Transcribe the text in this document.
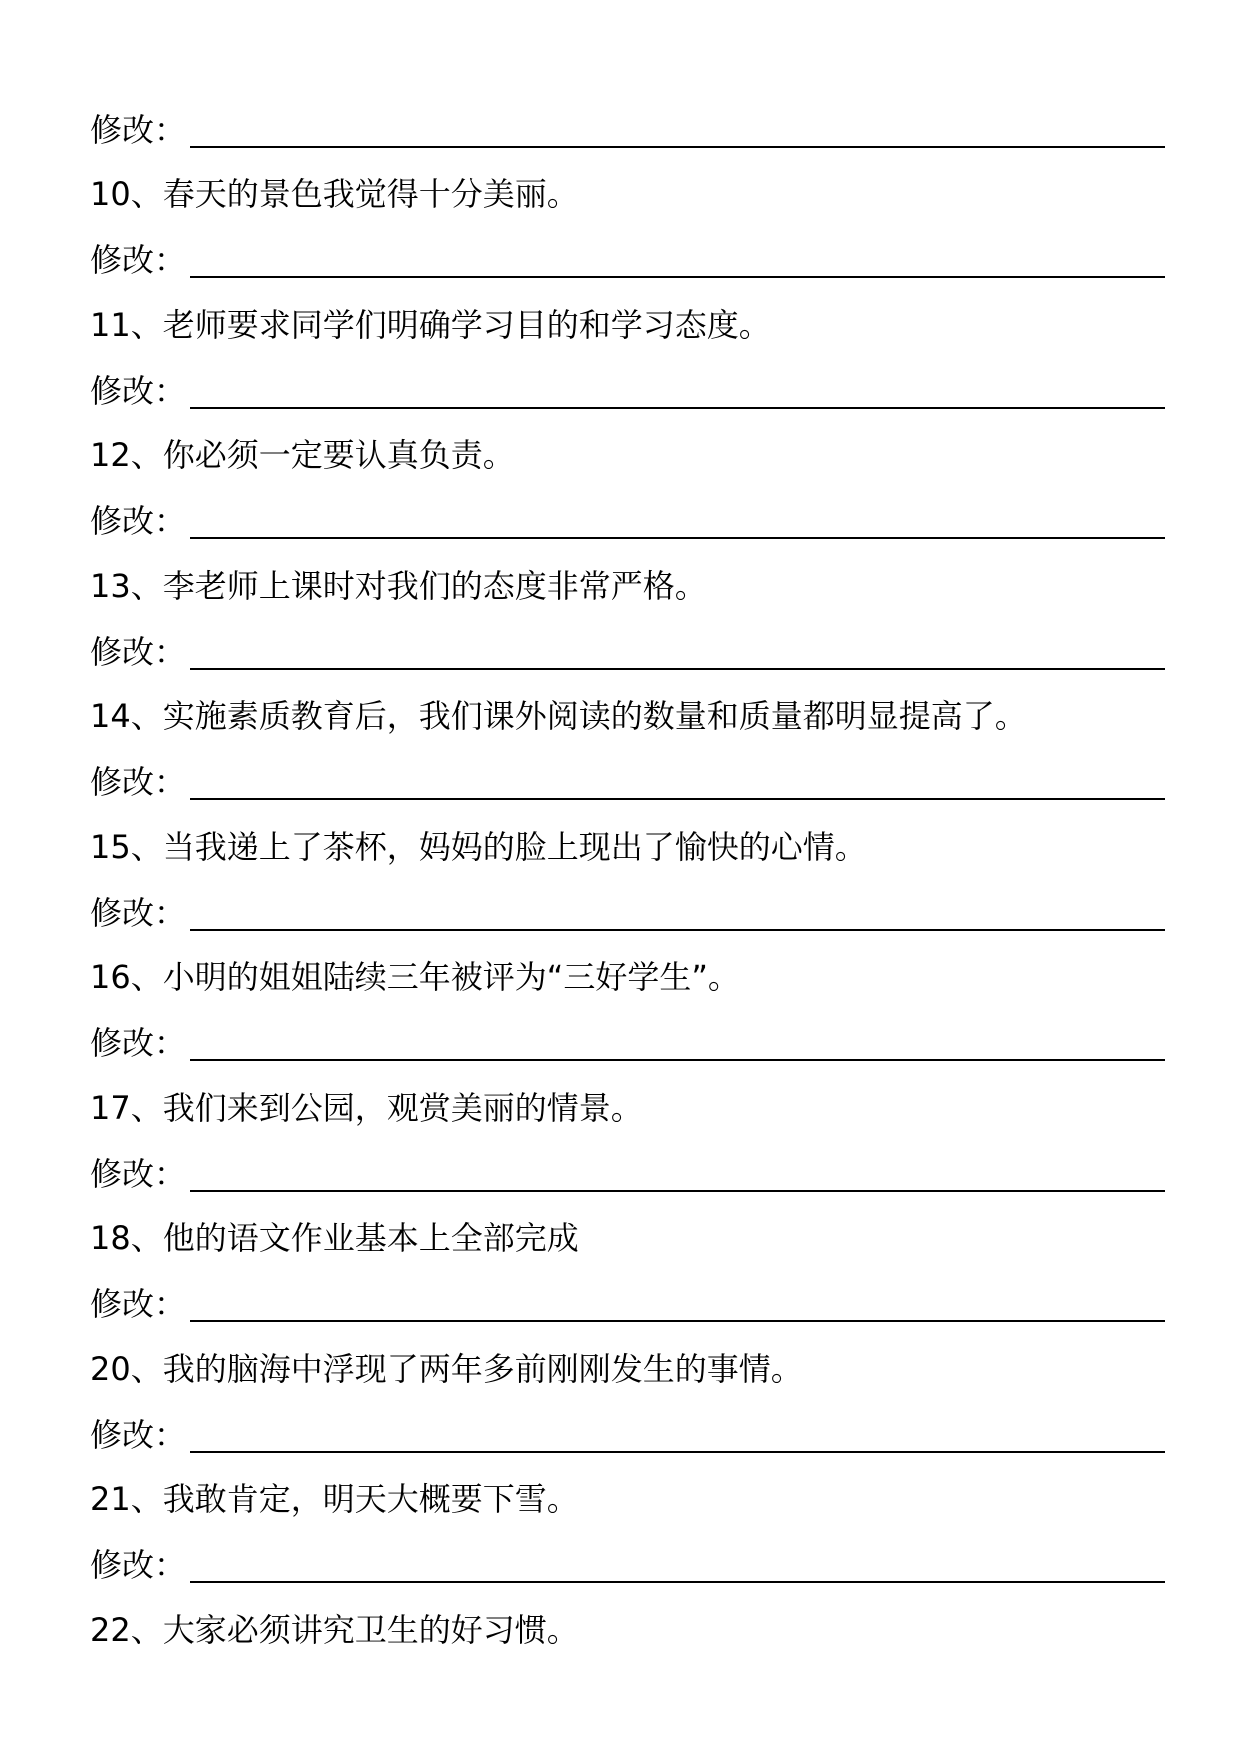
修改：
10、春天的景色我觉得十分美丽。
修改：
11、老师要求同学们明确学习目的和学习态度。
修改：
12、你必须一定要认真负责。
修改：
13、李老师上课时对我们的态度非常严格。
修改：
14、实施素质教育后，我们课外阅读的数量和质量都明显提高了。
修改：
15、当我递上了茶杯，妈妈的脸上现出了愉快的心情。
修改：
16、小明的姐姐陆续三年被评为“三好学生”。
修改：
17、我们来到公园，观赏美丽的情景。
修改：
18、他的语文作业基本上全部完成
修改：
20、我的脑海中浮现了两年多前刚刚发生的事情。
修改：
21、我敢肯定，明天大概要下雪。
修改：
22、大家必须讲究卫生的好习惯。
